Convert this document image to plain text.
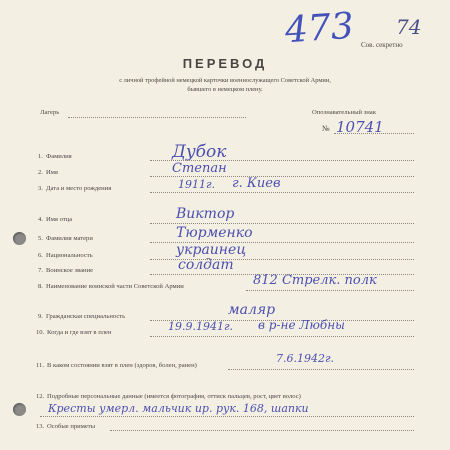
473 74
Сов. секретно
ПЕРЕВОД
с личной трофейной немецкой карточки военнослужащего Советской Армии,
бывшего в немецком плену.
Лагерь	Опознавательный знак
№ 10741
1. Фамилия	Дубок
2. Имя	Степан
3. Дата и место рождения	1911г. г. Киев
4. Имя отца	Виктор
5. Фамилия матери	Тюрменко
6. Национальность	украинец
7. Воинское звание	солдат
8. Наименование воинской части Советской Армии	812 Стрелк. полк
9. Гражданская специальность	маляр
10. Когда и где взят в плен	19.9.1941г. в р-не Любны
11. В каком состоянии взят в плен (здоров, болен, ранен)
7.6.1942г.
12. Подробные персональные данные (имеется фотография, оттиск пальцев, рост, цвет волос)
Кресты умерл. мальчик ир. рук. 168, шапки
13. Особые приметы
